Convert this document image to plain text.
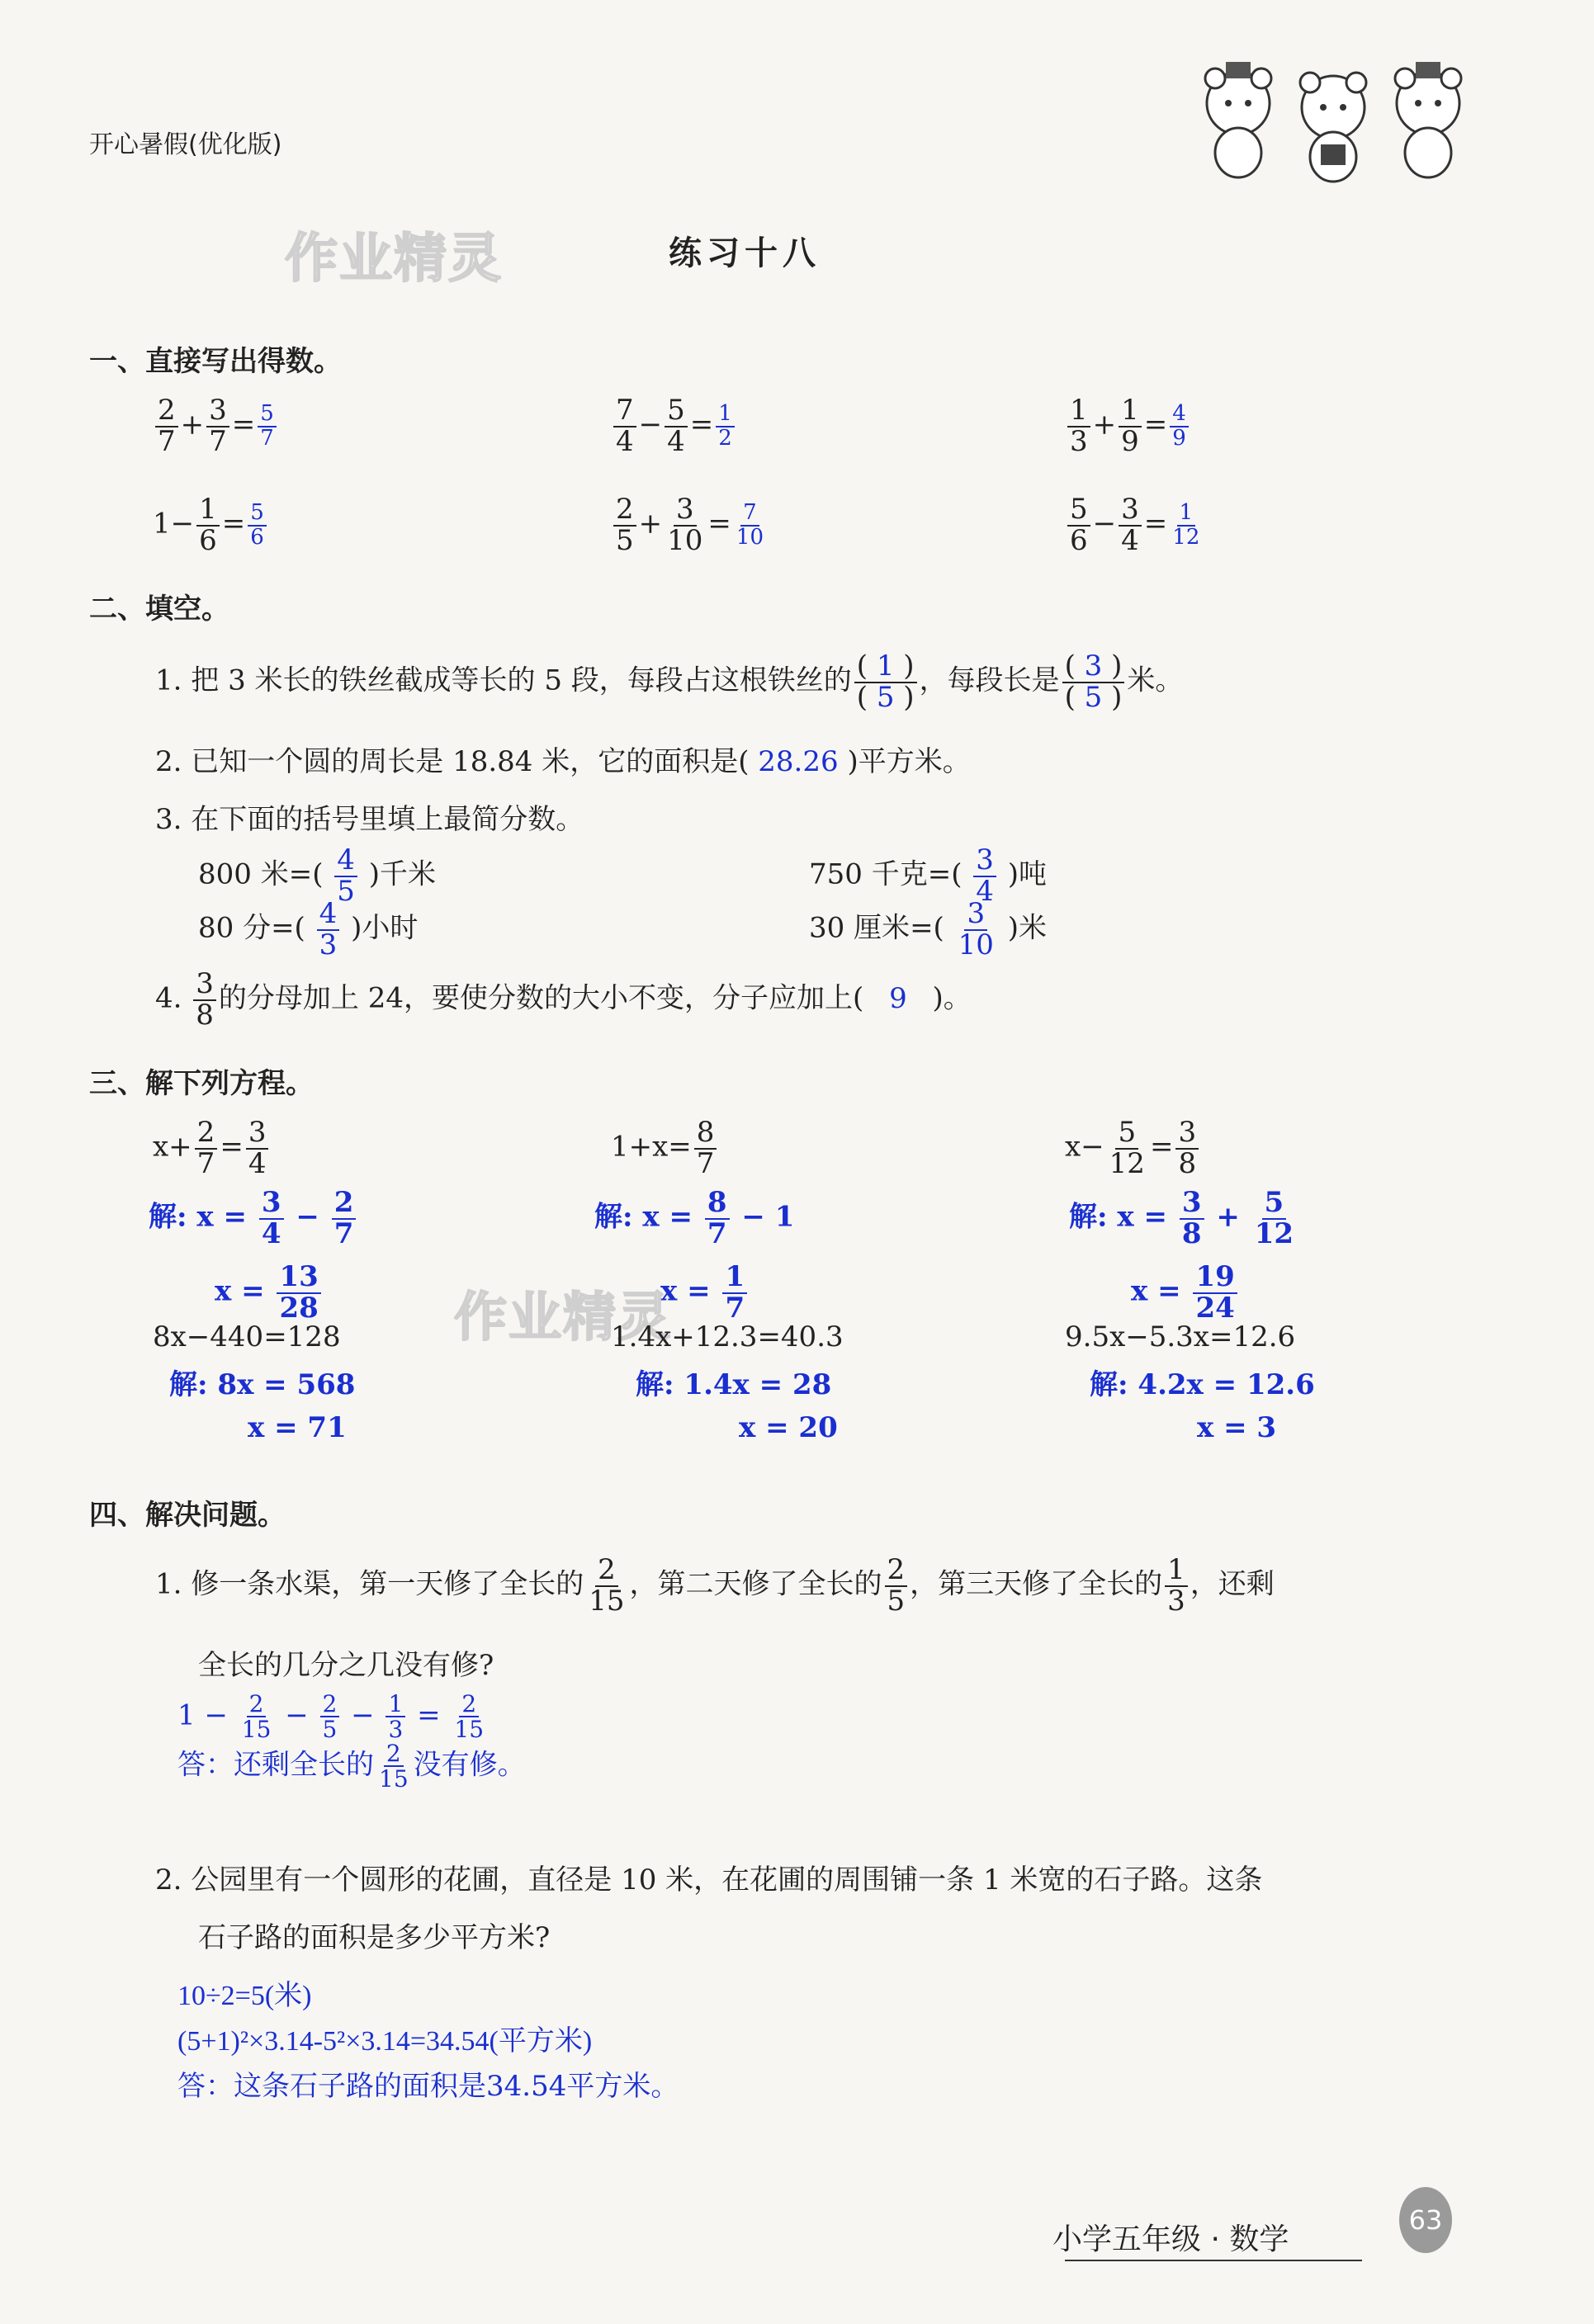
开心暑假(优化版)
作业精灵	练习十八
一、直接写出得数。
$\frac{2}{7} + \frac{3}{7} = \frac{5}{7}$	$\frac{7}{4} - \frac{5}{4} = \frac{1}{2}$	$\frac{1}{3} + \frac{1}{9} = \frac{4}{9}$
$1- \frac{1}{6} = \frac{5}{6}$	$\frac{2}{5} + \frac{3}{10} = \frac{7}{10}$	$\frac{5}{6} - \frac{3}{4} = \frac{1}{12}$
二、填空。
1. 把 3 米长的铁丝截成等长的 5 段，每段占这根铁丝的 $\frac{( 1 )}{( 5 )}$ ，每段长是 $\frac{( 3 )}{( 5 )}$ 米。
2. 已知一个圆的周长是 18.84 米，它的面积是( 28.26 )平方米。
3. 在下面的括号里填上最简分数。
800 米=( $\frac{4}{5}$ )千米	750 千克=( $\frac{3}{4}$ )吨
80 分=( $\frac{4}{3}$ )小时	30 厘米=( $\frac{3}{10}$ )米
4. $\frac{3}{8}$ 的分母加上 24，要使分数的大小不变，分子应加上( 9 )。
三、解下列方程。
$x+ \frac{2}{7} = \frac{3}{4}$
解: $x = \frac{3}{4} - \frac{2}{7}$
$x = \frac{13}{28}$
$1+x= \frac{8}{7}$
解: $x = \frac{8}{7} - 1$
$x = \frac{1}{7}$
$x- \frac{5}{12} = \frac{3}{8}$
解: $x = \frac{3}{8} + \frac{5}{12}$
$x = \frac{19}{24}$
作业精灵
8x−440=128
解: 8x = 568
x = 71
1.4x+12.3=40.3
解: 1.4x = 28
x = 20
9.5x−5.3x=12.6
解: 4.2x = 12.6
x = 3
四、解决问题。
1. 修一条水渠，第一天修了全长的 $\frac{2}{15}$ ，第二天修了全长的 $\frac{2}{5}$ ，第三天修了全长的 $\frac{1}{3}$ ，还剩
全长的几分之几没有修?
$1 - \frac{2}{15} - \frac{2}{5} - \frac{1}{3} = \frac{2}{15}$
答：还剩全长的 $\frac{2}{15}$ 没有修。
2. 公园里有一个圆形的花圃，直径是 10 米，在花圃的周围铺一条 1 米宽的石子路。这条
石子路的面积是多少平方米?
10÷2=5(米)
(5+1)²×3.14-5²×3.14=34.54(平方米)
答：这条石子路的面积是34.54平方米。
小学五年级 · 数学
63
